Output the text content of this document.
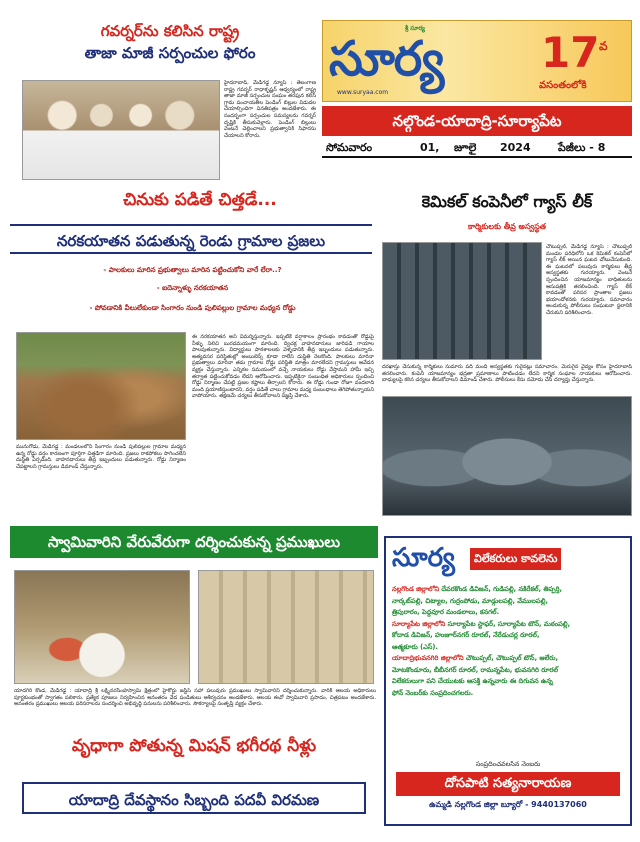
గవర్నర్‌ను కలిసిన రాష్ట్ర
తాజా మాజీ సర్పంచుల ఫోరం
హైదరాబాద్, మేడిగడ్డ న్యూస్ : తెలంగాణ రాష్ట్ర గవర్నర్ రాధాకృష్ణన్ ఆధ్వర్యంలో రాష్ట్ర తాజా మాజీ సర్పంచుల సంఘం తరఫున కలిసి గ్రామ పంచాయతీల పెండింగ్ బిల్లుల విడుదల చేయాల్సిందిగా వినతిపత్రం అందజేశారు. ఈ సందర్భంగా సర్పంచుల సమస్యలను గవర్నర్ దృష్టికి తీసుకువెళ్లారు. పెండింగ్ బిల్లులు వెంటనే చెల్లించాలని ప్రభుత్వానికి సిఫారసు చేయాలని కోరారు.
శ్రీ సూర్య
సూర్య
www.suryaa.com
17 వ
వసంతంలోకి
నల్గొండ-యాదాద్రి-సూర్యాపేట
సోమవారం	01, జూలై 2024 పేజీలు - 8
చినుకు పడితే చిత్తడే...
నరకయాతన పడుతున్న రెండు గ్రామాల ప్రజలు
- పాలకులు మారిన ప్రభుత్వాలు మారిన పట్టించుకోని వారే లేరా..?
- ఐదెన్నాళ్ళు నరకయాతన
- పోవడానికి వీలులేకుండా సింగారం నుండి పులిపల్లుల గ్రామాల మధ్యన రోడ్డు
మునుగోడు, మేడిగడ్డ : మండలంలోని సింగారం నుండి పులిపల్లుల గ్రామాల మధ్యన ఉన్న రోడ్డు వర్షం కారణంగా పూర్తిగా చిత్తడిగా మారింది. ప్రజలు రాకపోకలు సాగించలేని దుస్థితి ఏర్పడింది. వాహనదారులు తీవ్ర ఇబ్బందులు పడుతున్నారు. రోడ్డు నిర్మాణం చేపట్టాలని గ్రామస్తులు డిమాండ్ చేస్తున్నారు.
ఈ నరకయాతన అని విమర్శిస్తున్నారు. ఇప్పటికే వర్షాకాలం ప్రారంభం కావడంతో రోడ్డుపై నీళ్ళు నిలిచి బురదమయంగా మారింది. ద్విచక్ర వాహనదారులు జారిపడి గాయాల పాలవుతున్నారు. విద్యార్థులు పాఠశాలలకు వెళ్ళడానికి తీవ్ర ఇబ్బందులు పడుతున్నారు. అత్యవసర పరిస్థితుల్లో అంబులెన్స్ కూడా రాలేని దుస్థితి నెలకొంది. పాలకులు మారినా ప్రభుత్వాలు మారినా తమ గ్రామాల రోడ్డు పరిస్థితి మాత్రం మారలేదని గ్రామస్తులు ఆవేదన వ్యక్తం చేస్తున్నారు. ఎన్నికల సమయంలో వచ్చే నాయకులు రోడ్డు వేస్తామని హామీ ఇచ్చి తర్వాత పట్టించుకోవడం లేదని ఆరోపించారు. ఇప్పటికైనా సంబంధిత అధికారులు స్పందించి రోడ్డు నిర్మాణం చేపట్టి ప్రజల కష్టాలు తీర్చాలని కోరారు. ఈ రోడ్డు గుండా రోజూ వందలాది మంది ప్రయాణిస్తుంటారని, వర్షం పడితే చాలు గ్రామాల మధ్య సంబంధాలు తెగిపోతున్నాయని వాపోయారు. తక్షణమే చర్యలు తీసుకోవాలని విజ్ఞప్తి చేశారు.
కెమికల్ కంపెనీలో గ్యాస్ లీక్
కార్మికులకు తీవ్ర అస్వస్థత
చౌటుప్పల్, మేడిగడ్డ న్యూస్ : చౌటుప్పల్ మండల పరిధిలోని ఒక కెమికల్ కంపెనీలో గ్యాస్ లీక్ అయిన ఘటన చోటుచేసుకుంది. ఈ ఘటనలో పలువురు కార్మికులు తీవ్ర అస్వస్థతకు గురయ్యారు. వెంటనే స్పందించిన యాజమాన్యం బాధితులను ఆసుపత్రికి తరలించింది. గ్యాస్ లీక్ కావడంతో పరిసర ప్రాంతాల ప్రజలు భయాందోళనకు గురయ్యారు. సమాచారం అందుకున్న పోలీసులు సంఘటనా స్థలానికి చేరుకుని పరిశీలించారు.
దరఖాస్తు చేసుకున్న కార్మికులు సుమారు పది మంది అస్వస్థతకు గురైనట్లు సమాచారం. మెరుగైన వైద్యం కోసం హైదరాబాద్ తరలించారు. కంపెనీ యాజమాన్యం భద్రతా ప్రమాణాలు పాటించడం లేదని కార్మిక సంఘాల నాయకులు ఆరోపించారు. బాధ్యులపై కఠిన చర్యలు తీసుకోవాలని డిమాండ్ చేశారు. పోలీసులు కేసు నమోదు చేసి దర్యాప్తు చేస్తున్నారు.
స్వామివారిని వేరువేరుగా దర్శించుకున్న ప్రముఖులు
యాదగిరి కొండ, మేడిగడ్డ : యాదాద్రి శ్రీ లక్ష్మీనరసింహస్వామి క్షేత్రంలో హైకోర్టు జస్టిస్ సహా పలువురు ప్రముఖులు స్వామివారిని దర్శించుకున్నారు. వారికి ఆలయ అధికారులు పూర్ణకుంభంతో స్వాగతం పలికారు. ప్రత్యేక పూజలు నిర్వహించిన అనంతరం వేద పండితులు ఆశీర్వచనం అందజేశారు. ఆలయ ఈవో స్వామివారి ప్రసాదం, చిత్రపటం అందజేశారు. అనంతరం ప్రముఖులు ఆలయ పరిసరాలను సందర్శించి అభివృద్ధి పనులను పరిశీలించారు. సౌకర్యాలపై సంతృప్తి వ్యక్తం చేశారు.
సూర్య	విలేకరులు కావలెను
నల్లగొండ జిల్లాలోని దేవరకొండ డివిజన్, గుడిపల్లి, నకిరేకల్, తిప్పర్తి,
నార్కట్‌పల్లి, చిట్యాల, గుర్రంపోడు, మాడ్గులపల్లి, వేములపల్లి,
త్రిపురారం, పెద్దవూర మండలాలు, కనగల్.
సూర్యాపేట జిల్లాలోని సూర్యాపేట స్టాఫర్, సూర్యాపేట టౌన్, మఠంపల్లి,
కోదాడ డివిజన్, హుజూర్‌నగర్ రూరల్, నేరేడుచర్ల రూరల్,
ఆత్మకూరు (ఎస్).
యాదాద్రిభువనగిరి జిల్లాలోని చౌటుప్పల్, చౌటుప్పల్ టౌన్, ఆలేరు,
మోటకొండూరు, బీబీనగర్ రూరల్, రామన్నపేట, భువనగిరి రూరల్
విలేకరులుగా పని చేయుటకు ఆసక్తి ఉన్నవారు ఈ దిగువన ఉన్న
ఫోన్ నెంబర్‌కు సంప్రదించగలరు.
సంప్రదించవలసిన నెంబరు
దోసపాటి సత్యనారాయణ
ఉమ్మడి నల్లగొండ జిల్లా బ్యూరో - 9440137060
వృధాగా పోతున్న మిషన్ భగీరథ నీళ్లు
యాదాద్రి దేవస్థానం సిబ్బంది పదవీ విరమణ
